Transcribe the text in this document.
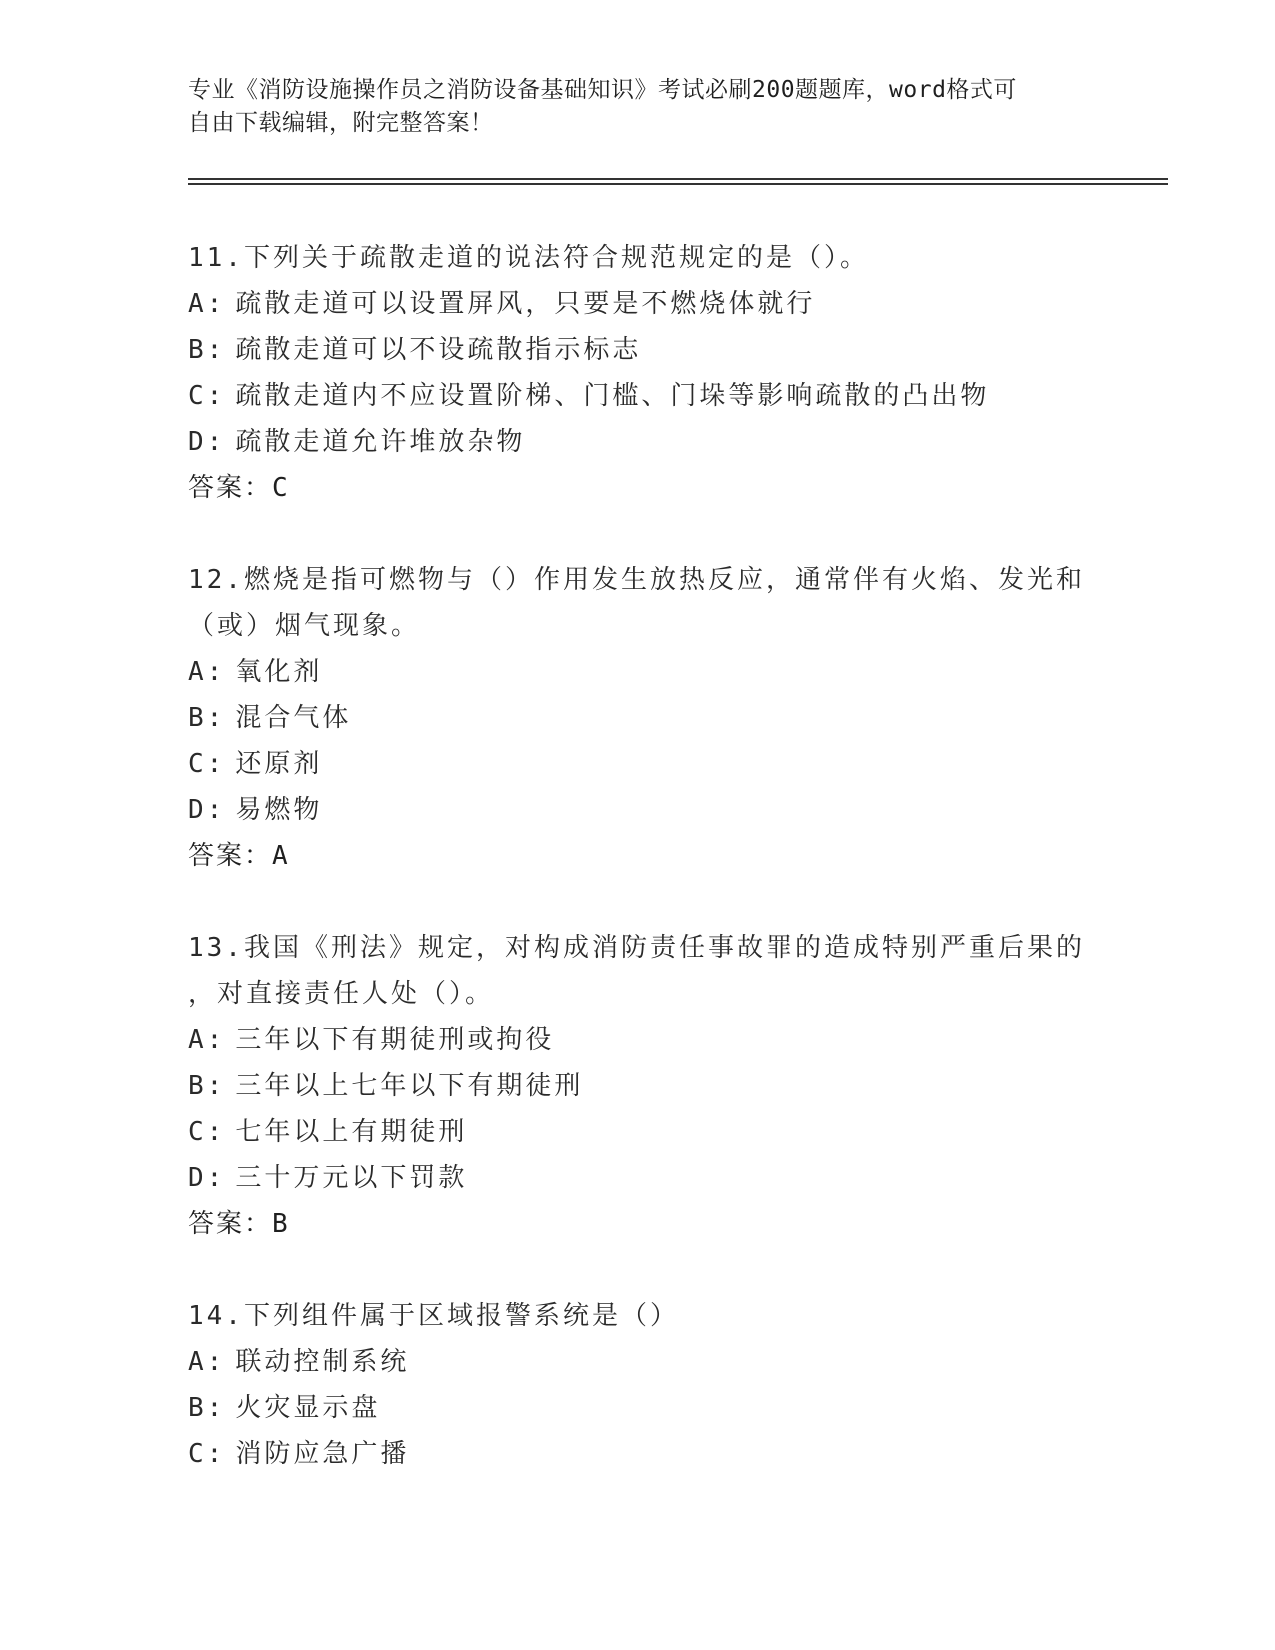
专业《消防设施操作员之消防设备基础知识》考试必刷200题题库，word格式可
自由下载编辑，附完整答案！

11.下列关于疏散走道的说法符合规范规定的是（）。

A: 疏散走道可以设置屏风，只要是不燃烧体就行

B: 疏散走道可以不设疏散指示标志

C: 疏散走道内不应设置阶梯、门槛、门垛等影响疏散的凸出物

D: 疏散走道允许堆放杂物

答案：C

12.燃烧是指可燃物与（）作用发生放热反应，通常伴有火焰、发光和

（或）烟气现象。

A: 氧化剂

B: 混合气体

C: 还原剂

D: 易燃物

答案：A

13.我国《刑法》规定，对构成消防责任事故罪的造成特别严重后果的

，对直接责任人处（）。

A: 三年以下有期徒刑或拘役

B: 三年以上七年以下有期徒刑

C: 七年以上有期徒刑

D: 三十万元以下罚款

答案：B

14.下列组件属于区域报警系统是（）

A: 联动控制系统

B: 火灾显示盘

C: 消防应急广播
